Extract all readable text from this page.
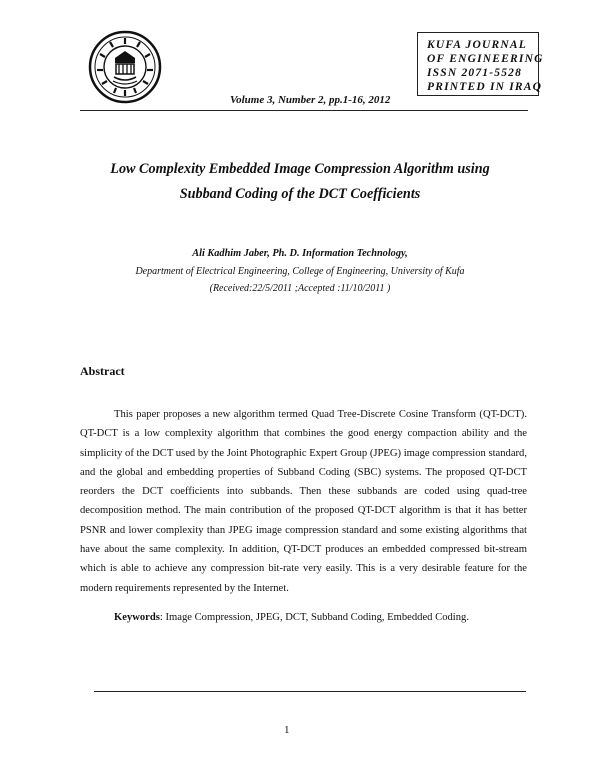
KUFA JOURNAL
OF ENGINEERING
ISSN 2071-5528
PRINTED IN IRAQ
Volume 3, Number 2, pp.1-16, 2012
Low Complexity Embedded Image Compression Algorithm using
Subband Coding of the DCT Coefficients
Ali Kadhim Jaber, Ph. D. Information Technology,
Department of Electrical Engineering, College of Engineering, University of Kufa
(Received:22/5/2011 ;Accepted :11/10/2011 )
Abstract

This paper proposes a new algorithm termed Quad Tree-Discrete Cosine Transform (QT-DCT). QT-DCT is a low complexity algorithm that combines the good energy compaction ability and the simplicity of the DCT used by the Joint Photographic Expert Group (JPEG) image compression standard, and the global and embedding properties of Subband Coding (SBC) systems. The proposed QT-DCT reorders the DCT coefficients into subbands. Then these subbands are coded using quad-tree decomposition method. The main contribution of the proposed QT-DCT algorithm is that it has better PSNR and lower complexity than JPEG image compression standard and some existing algorithms that have about the same complexity. In addition, QT-DCT produces an embedded compressed bit-stream which is able to achieve any compression bit-rate very easily. This is a very desirable feature for the modern requirements represented by the Internet.

Keywords: Image Compression, JPEG, DCT, Subband Coding, Embedded Coding.
1
